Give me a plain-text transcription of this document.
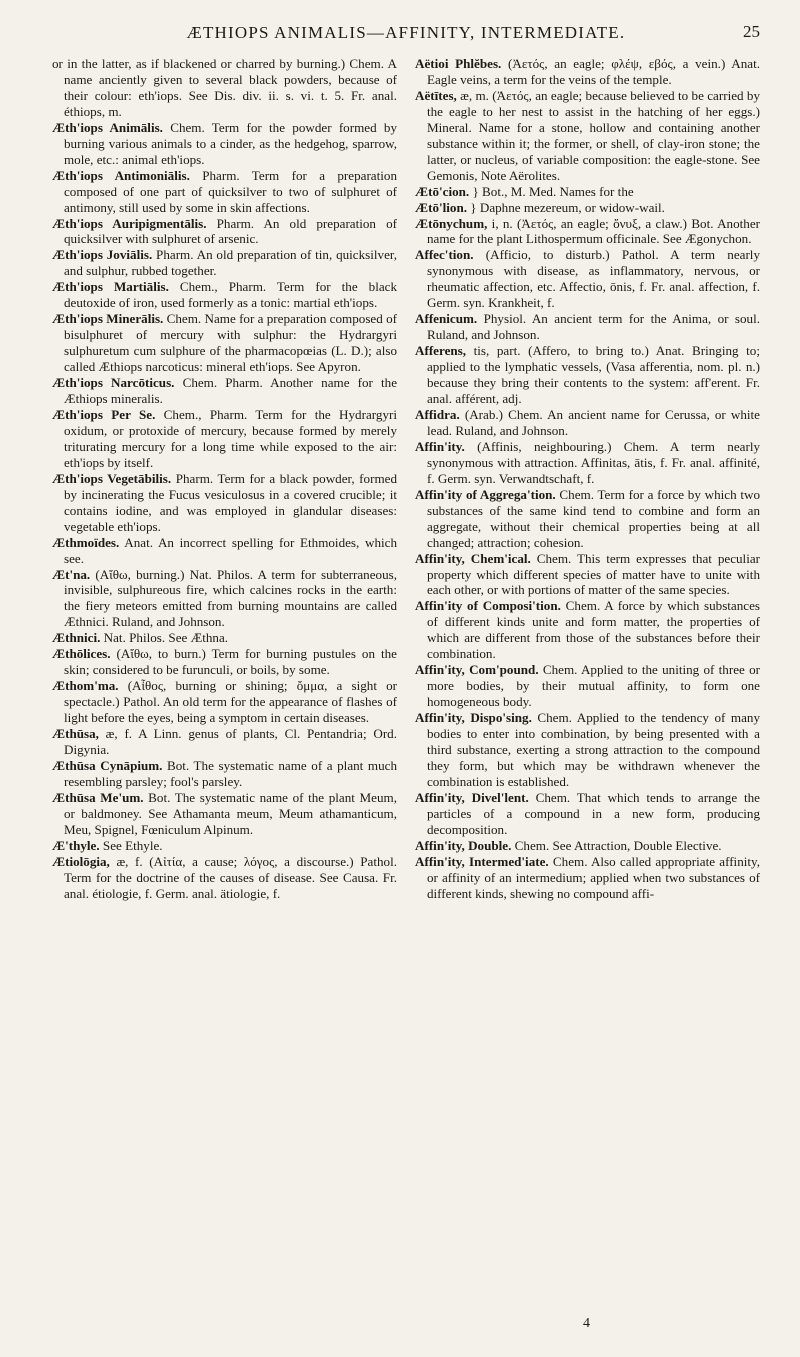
ÆTHIOPS ANIMALIS—AFFINITY, INTERMEDIATE.	25

or in the latter, as if blackened or charred by burning.) Chem. A name anciently given to several black powders, because of their colour: eth'iops. See Dis. div. ii. s. vi. t. 5. Fr. anal. éthiops, m.

Æth'iops Animālis. Chem. Term for the powder formed by burning various animals to a cinder, as the hedgehog, sparrow, mole, etc.: animal eth'iops.

Æth'iops Antimoniālis. Pharm. Term for a preparation composed of one part of quicksilver to two of sulphuret of antimony, still used by some in skin affections.

Æth'iops Auripigmentālis. Pharm. An old preparation of quicksilver with sulphuret of arsenic.

Æth'iops Joviālis. Pharm. An old preparation of tin, quicksilver, and sulphur, rubbed together.

Æth'iops Martiālis. Chem., Pharm. Term for the black deutoxide of iron, used formerly as a tonic: martial eth'iops.

Æth'iops Minerālis. Chem. Name for a preparation composed of bisulphuret of mercury with sulphur: the Hydrargyri sulphuretum cum sulphure of the pharmacopœias (L. D.); also called Æthiops narcoticus: mineral eth'iops. See Apyron.

Æth'iops Narcōticus. Chem. Pharm. Another name for the Æthiops mineralis.

Æth'iops Per Se. Chem., Pharm. Term for the Hydrargyri oxidum, or protoxide of mercury, because formed by merely triturating mercury for a long time while exposed to the air: eth'iops by itself.

Æth'iops Vegetābilis. Pharm. Term for a black powder, formed by incinerating the Fucus vesiculosus in a covered crucible; it contains iodine, and was employed in glandular diseases: vegetable eth'iops.

Æthmoïdes. Anat. An incorrect spelling for Ethmoides, which see.

Æt'na. (Αἴθω, burning.) Nat. Philos. A term for subterraneous, invisible, sulphureous fire, which calcines rocks in the earth: the fiery meteors emitted from burning mountains are called Æthnici. Ruland, and Johnson.

Æthnici. Nat. Philos. See Æthna.

Æthōlices. (Αἴθω, to burn.) Term for burning pustules on the skin; considered to be furunculi, or boils, by some.

Æthom'ma. (Αἶθος, burning or shining; ὄμμα, a sight or spectacle.) Pathol. An old term for the appearance of flashes of light before the eyes, being a symptom in certain diseases.

Æthūsa, æ, f. A Linn. genus of plants, Cl. Pentandria; Ord. Digynia.

Æthūsa Cynāpium. Bot. The systematic name of a plant much resembling parsley; fool's parsley.

Æthūsa Me'um. Bot. The systematic name of the plant Meum, or baldmoney. See Athamanta meum, Meum athamanticum, Meu, Spignel, Fœniculum Alpinum.

Æ'thyle. See Ethyle.

Ætiolōgia, æ, f. (Αἰτία, a cause; λόγος, a discourse.) Pathol. Term for the doctrine of the causes of disease. See Causa. Fr. anal. étiologie, f. Germ. anal. ätiologie, f.

Aëtioi Phlĕbes. (Ἀετός, an eagle; φλέψ, εβός, a vein.) Anat. Eagle veins, a term for the veins of the temple.

Aëtītes, æ, m. (Ἀετός, an eagle; because believed to be carried by the eagle to her nest to assist in the hatching of her eggs.) Mineral. Name for a stone, hollow and containing another substance within it; the former, or shell, of clay-iron stone; the latter, or nucleus, of variable composition: the eagle-stone. See Gemonis, Note Aërolites.

Ætō'cion. } Bot., M. Med. Names for the

Ætō'lion. } Daphne mezereum, or widow-wail.

Ætōnychum, i, n. (Ἀετός, an eagle; ὄνυξ, a claw.) Bot. Another name for the plant Lithospermum officinale. See Ægonychon.

Affec'tion. (Afficio, to disturb.) Pathol. A term nearly synonymous with disease, as inflammatory, nervous, or rheumatic affection, etc. Affectio, ōnis, f. Fr. anal. affection, f. Germ. syn. Krankheit, f.

Affenicum. Physiol. An ancient term for the Anima, or soul. Ruland, and Johnson.

Afferens, tis, part. (Affero, to bring to.) Anat. Bringing to; applied to the lymphatic vessels, (Vasa afferentia, nom. pl. n.) because they bring their contents to the system: aff'erent. Fr. anal. afférent, adj.

Affidra. (Arab.) Chem. An ancient name for Cerussa, or white lead. Ruland, and Johnson.

Affin'ity. (Affinis, neighbouring.) Chem. A term nearly synonymous with attraction. Affinitas, ātis, f. Fr. anal. affinité, f. Germ. syn. Verwandtschaft, f.

Affin'ity of Aggrega'tion. Chem. Term for a force by which two substances of the same kind tend to combine and form an aggregate, without their chemical properties being at all changed; attraction; cohesion.

Affin'ity, Chem'ical. Chem. This term expresses that peculiar property which different species of matter have to unite with each other, or with portions of matter of the same species.

Affin'ity of Composi'tion. Chem. A force by which substances of different kinds unite and form matter, the properties of which are different from those of the substances before their combination.

Affin'ity, Com'pound. Chem. Applied to the uniting of three or more bodies, by their mutual affinity, to form one homogeneous body.

Affin'ity, Dispo'sing. Chem. Applied to the tendency of many bodies to enter into combination, by being presented with a third substance, exerting a strong attraction to the compound they form, but which may be withdrawn whenever the combination is established.

Affin'ity, Divel'lent. Chem. That which tends to arrange the particles of a compound in a new form, producing decomposition.

Affin'ity, Double. Chem. See Attraction, Double Elective.

Affin'ity, Intermed'iate. Chem. Also called appropriate affinity, or affinity of an intermedium; applied when two substances of different kinds, shewing no compound affi-

4
